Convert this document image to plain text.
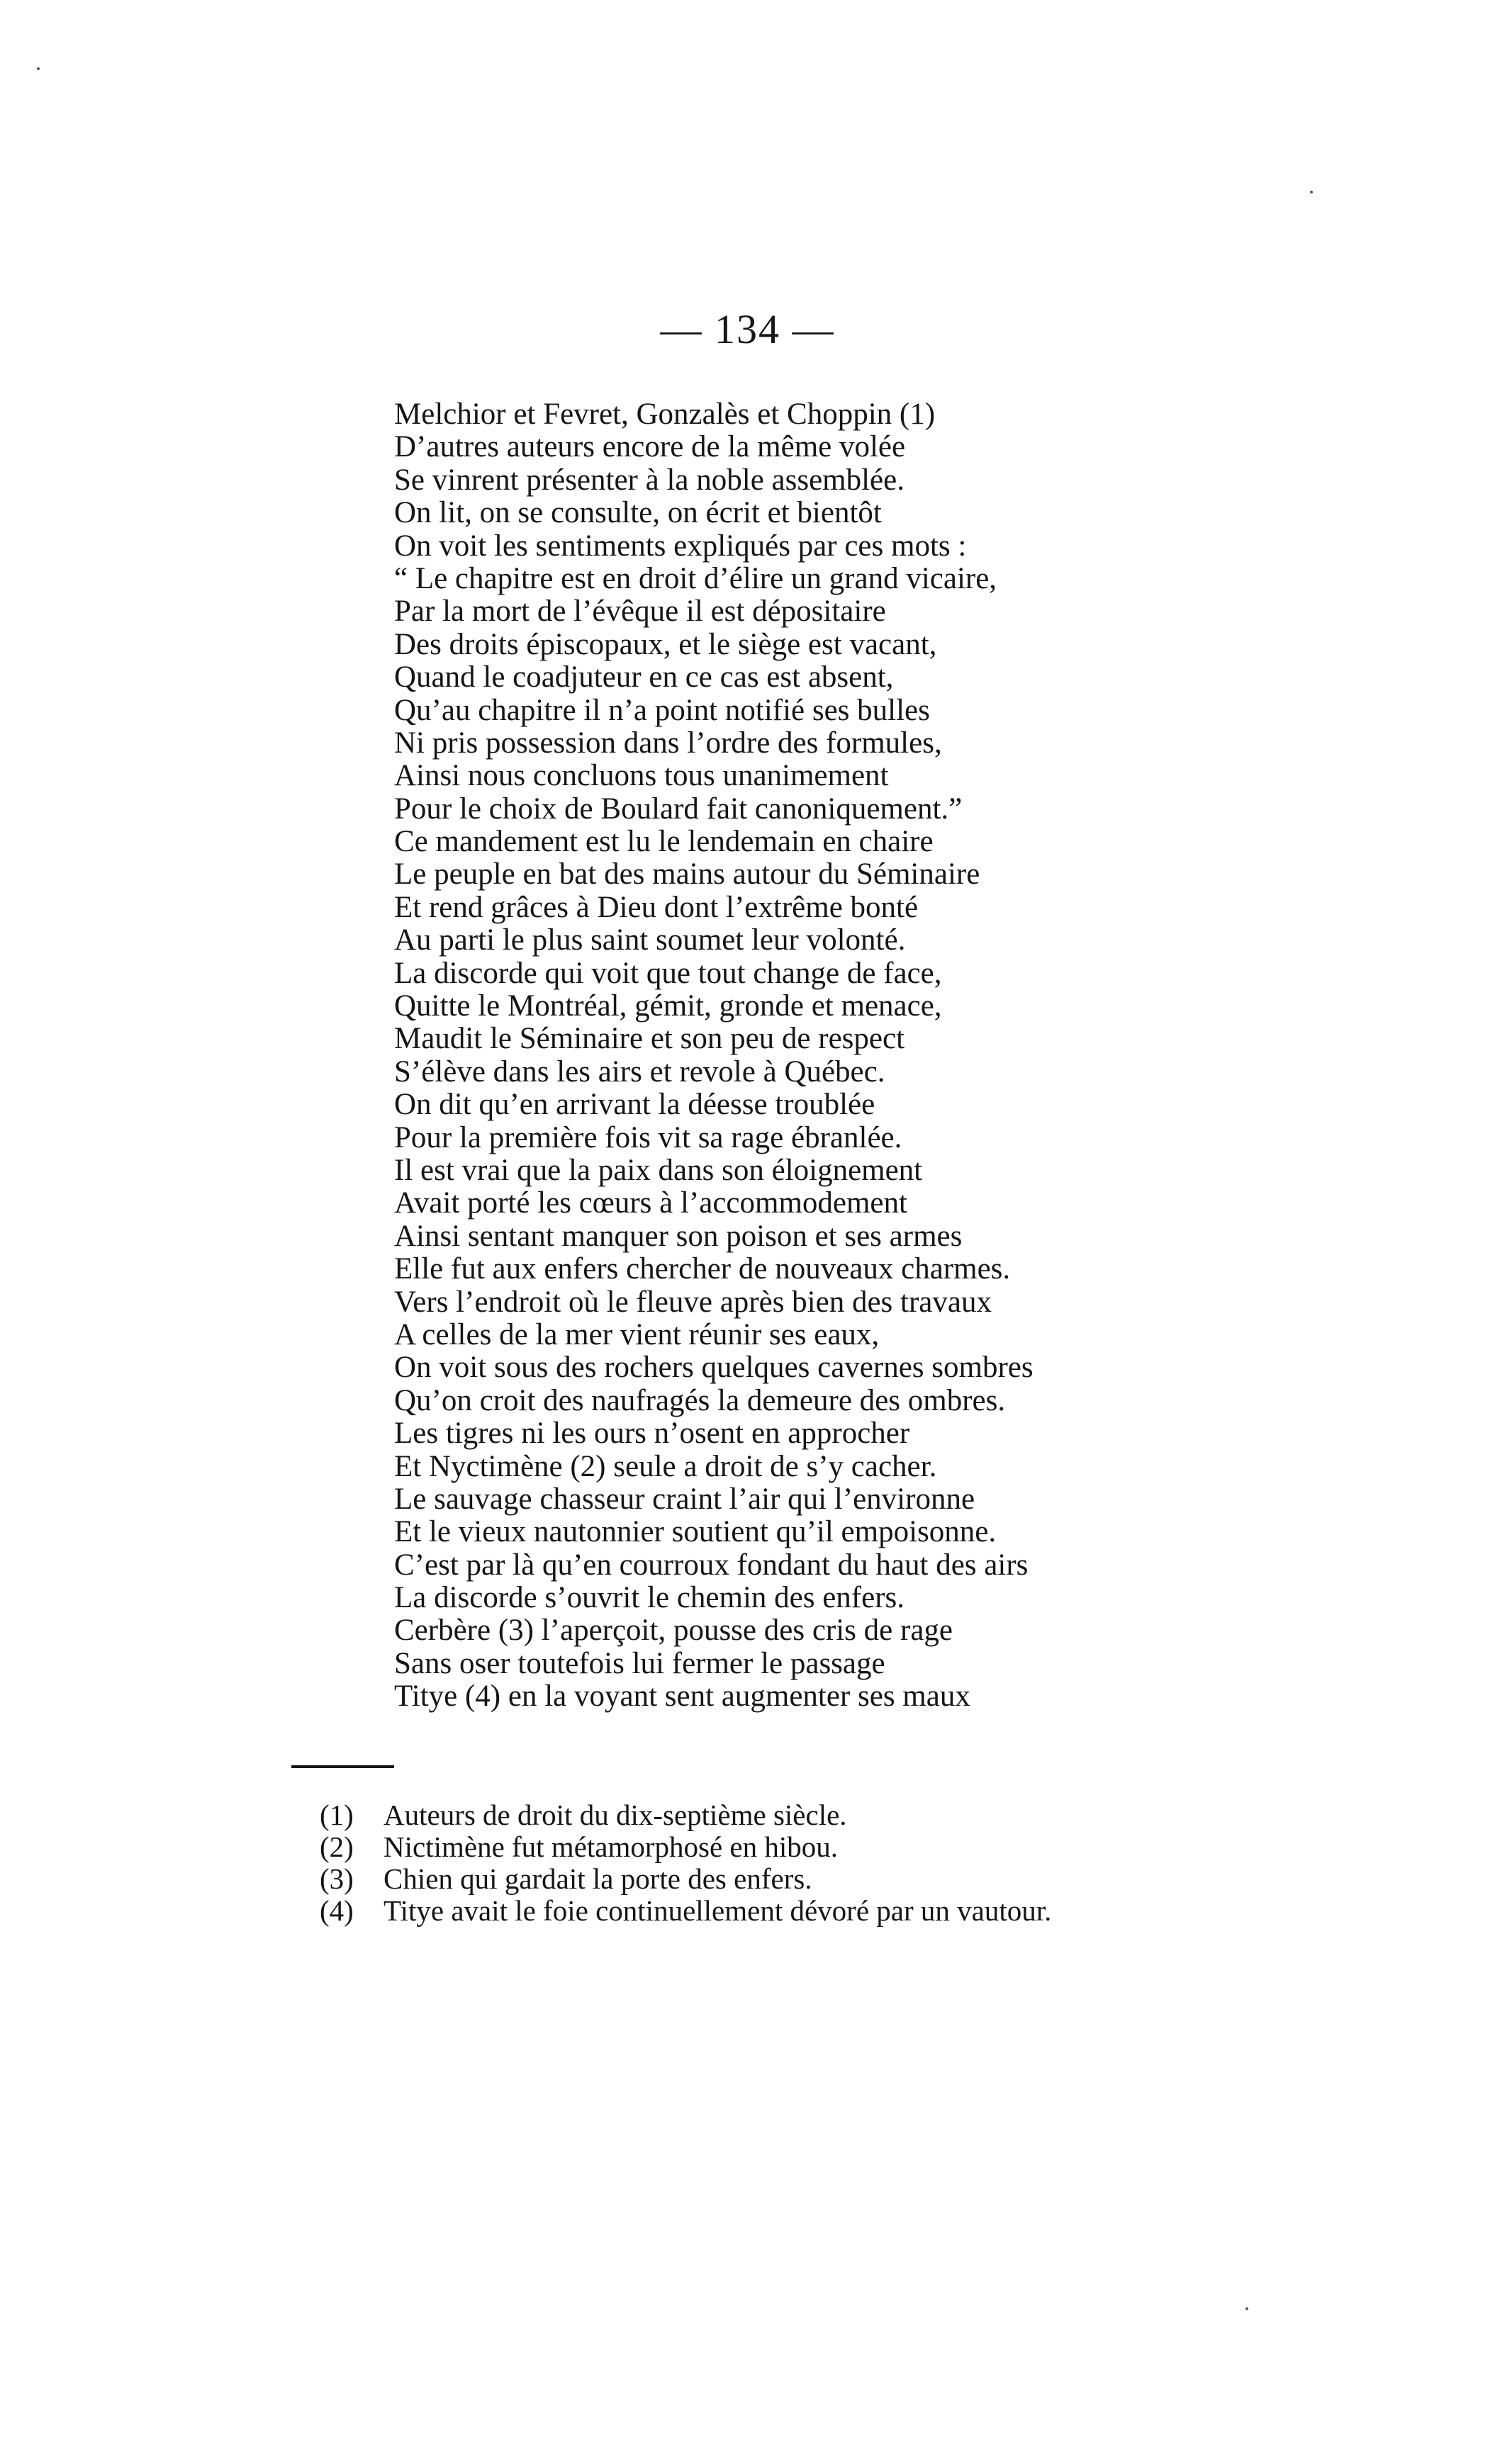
— 134 —
Melchior et Fevret, Gonzalès et Choppin (1)
D’autres auteurs encore de la même volée
Se vinrent présenter à la noble assemblée.
On lit, on se consulte, on écrit et bientôt
On voit les sentiments expliqués par ces mots :
“ Le chapitre est en droit d’élire un grand vicaire,
Par la mort de l’évêque il est dépositaire
Des droits épiscopaux, et le siège est vacant,
Quand le coadjuteur en ce cas est absent,
Qu’au chapitre il n’a point notifié ses bulles
Ni pris possession dans l’ordre des formules,
Ainsi nous concluons tous unanimement
Pour le choix de Boulard fait canoniquement.”
Ce mandement est lu le lendemain en chaire
Le peuple en bat des mains autour du Séminaire
Et rend grâces à Dieu dont l’extrême bonté
Au parti le plus saint soumet leur volonté.
La discorde qui voit que tout change de face,
Quitte le Montréal, gémit, gronde et menace,
Maudit le Séminaire et son peu de respect
S’élève dans les airs et revole à Québec.
On dit qu’en arrivant la déesse troublée
Pour la première fois vit sa rage ébranlée.
Il est vrai que la paix dans son éloignement
Avait porté les cœurs à l’accommodement
Ainsi sentant manquer son poison et ses armes
Elle fut aux enfers chercher de nouveaux charmes.
Vers l’endroit où le fleuve après bien des travaux
A celles de la mer vient réunir ses eaux,
On voit sous des rochers quelques cavernes sombres
Qu’on croit des naufragés la demeure des ombres.
Les tigres ni les ours n’osent en approcher
Et Nyctimène (2) seule a droit de s’y cacher.
Le sauvage chasseur craint l’air qui l’environne
Et le vieux nautonnier soutient qu’il empoisonne.
C’est par là qu’en courroux fondant du haut des airs
La discorde s’ouvrit le chemin des enfers.
Cerbère (3) l’aperçoit, pousse des cris de rage
Sans oser toutefois lui fermer le passage
Titye (4) en la voyant sent augmenter ses maux
(1) Auteurs de droit du dix-septième siècle.
(2) Nictimène fut métamorphosé en hibou.
(3) Chien qui gardait la porte des enfers.
(4) Titye avait le foie continuellement dévoré par un vautour.
